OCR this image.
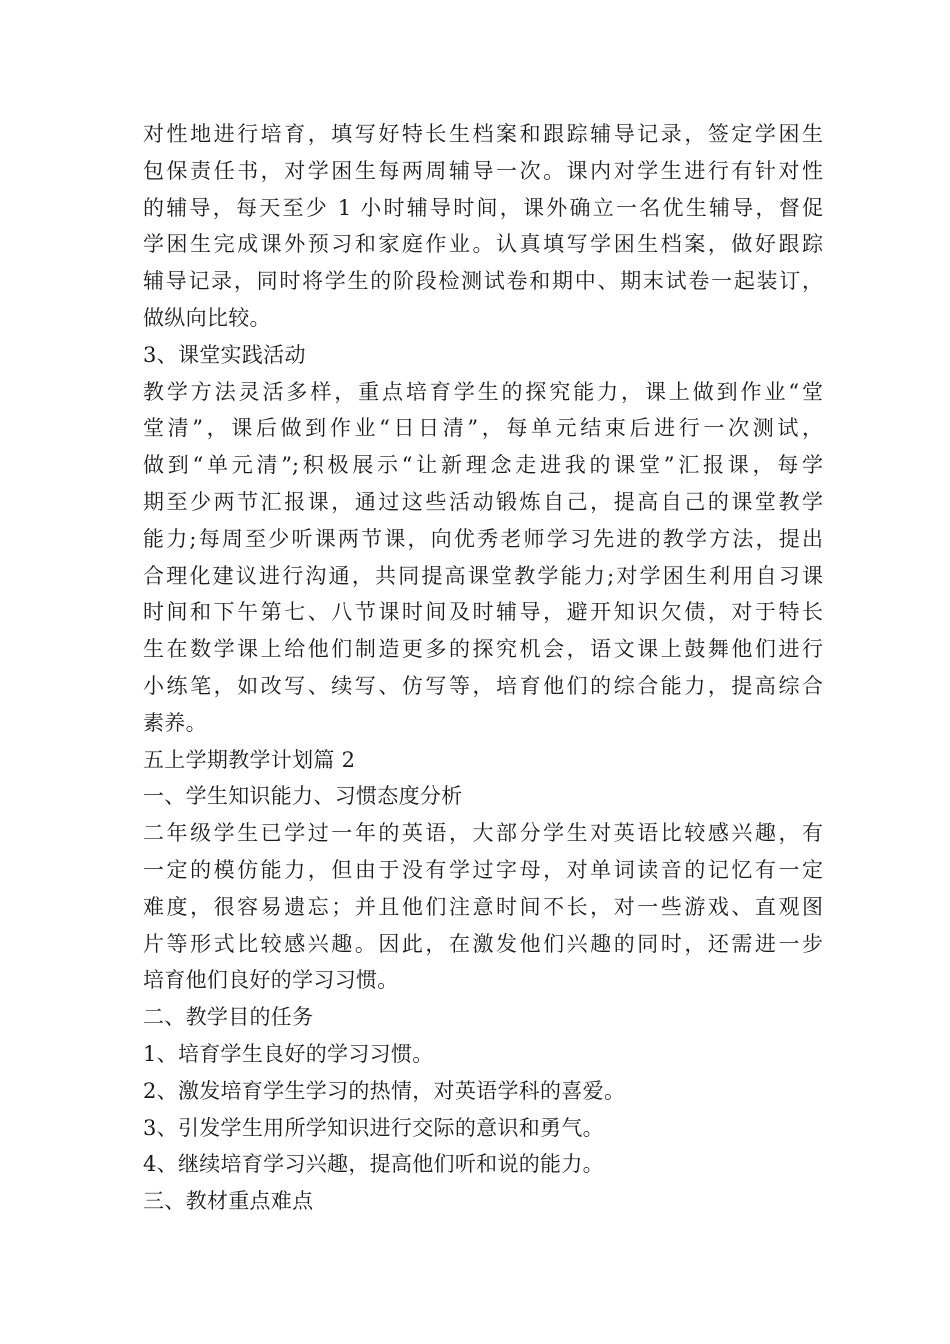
对性地进行培育，填写好特长生档案和跟踪辅导记录，签定学困生
包保责任书，对学困生每两周辅导一次。课内对学生进行有针对性
的辅导，每天至少 1 小时辅导时间，课外确立一名优生辅导，督促
学困生完成课外预习和家庭作业。认真填写学困生档案，做好跟踪
辅导记录，同时将学生的阶段检测试卷和期中、期末试卷一起装订，
做纵向比较。
3、课堂实践活动
教学方法灵活多样，重点培育学生的探究能力，课上做到作业“堂
堂清”，课后做到作业“日日清”，每单元结束后进行一次测试，
做到“单元清”;积极展示“让新理念走进我的课堂”汇报课，每学
期至少两节汇报课，通过这些活动锻炼自己，提高自己的课堂教学
能力;每周至少听课两节课，向优秀老师学习先进的教学方法，提出
合理化建议进行沟通，共同提高课堂教学能力;对学困生利用自习课
时间和下午第七、八节课时间及时辅导，避开知识欠债，对于特长
生在数学课上给他们制造更多的探究机会，语文课上鼓舞他们进行
小练笔，如改写、续写、仿写等，培育他们的综合能力，提高综合
素养。
五上学期教学计划篇 2
一、学生知识能力、习惯态度分析
二年级学生已学过一年的英语，大部分学生对英语比较感兴趣，有
一定的模仿能力，但由于没有学过字母，对单词读音的记忆有一定
难度，很容易遗忘；并且他们注意时间不长，对一些游戏、直观图
片等形式比较感兴趣。因此，在激发他们兴趣的同时，还需进一步
培育他们良好的学习习惯。
二、教学目的任务
1、培育学生良好的学习习惯。
2、激发培育学生学习的热情，对英语学科的喜爱。
3、引发学生用所学知识进行交际的意识和勇气。
4、继续培育学习兴趣，提高他们听和说的能力。
三、教材重点难点
